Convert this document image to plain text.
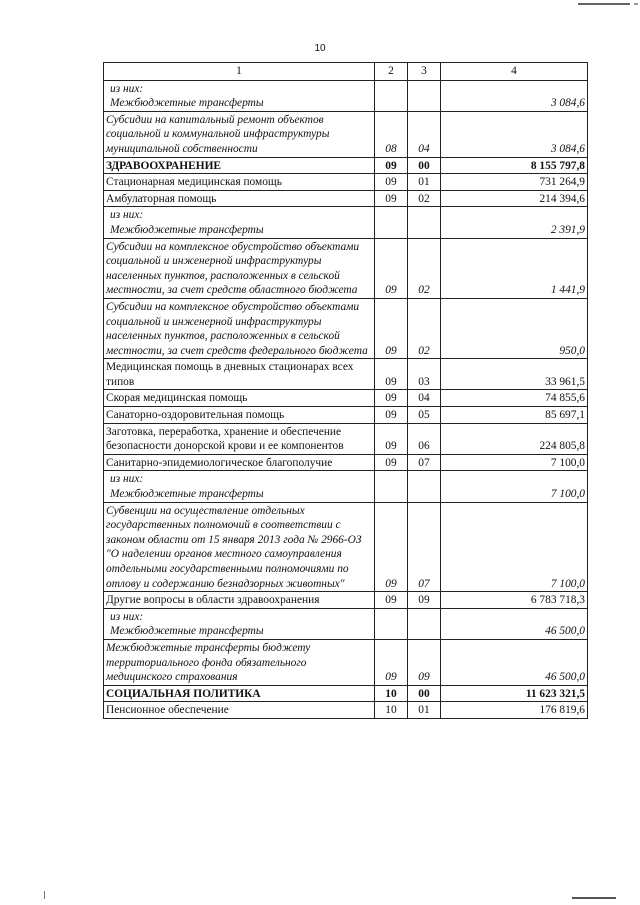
10
1	2	3	4
из них:
Межбюджетные трансферты			3 084,6
Субсидии на капитальный ремонт объектов социальной и коммунальной инфраструктуры муниципальной собственности	08	04	3 084,6
ЗДРАВООХРАНЕНИЕ	09	00	8 155 797,8
Стационарная медицинская помощь	09	01	731 264,9
Амбулаторная помощь	09	02	214 394,6
из них:
Межбюджетные трансферты			2 391,9
Субсидии на комплексное обустройство объектами социальной и инженерной инфраструктуры населенных пунктов, расположенных в сельской местности, за счет средств областного бюджета	09	02	1 441,9
Субсидии на комплексное обустройство объектами социальной и инженерной инфраструктуры населенных пунктов, расположенных в сельской местности, за счет средств федерального бюджета	09	02	950,0
Медицинская помощь в дневных стационарах всех типов	09	03	33 961,5
Скорая медицинская помощь	09	04	74 855,6
Санаторно-оздоровительная помощь	09	05	85 697,1
Заготовка, переработка, хранение и обеспечение безопасности донорской крови и ее компонентов	09	06	224 805,8
Санитарно-эпидемиологическое благополучие	09	07	7 100,0
из них:
Межбюджетные трансферты			7 100,0
Субвенции на осуществление отдельных государственных полномочий в соответствии с законом области от 15 января 2013 года № 2966-ОЗ "О наделении органов местного самоуправления отдельными государственными полномочиями по отлову и содержанию безнадзорных животных"	09	07	7 100,0
Другие вопросы в области здравоохранения	09	09	6 783 718,3
из них:
Межбюджетные трансферты			46 500,0
Межбюджетные трансферты бюджету территориального фонда обязательного медицинского страхования	09	09	46 500,0
СОЦИАЛЬНАЯ ПОЛИТИКА	10	00	11 623 321,5
Пенсионное обеспечение	10	01	176 819,6
